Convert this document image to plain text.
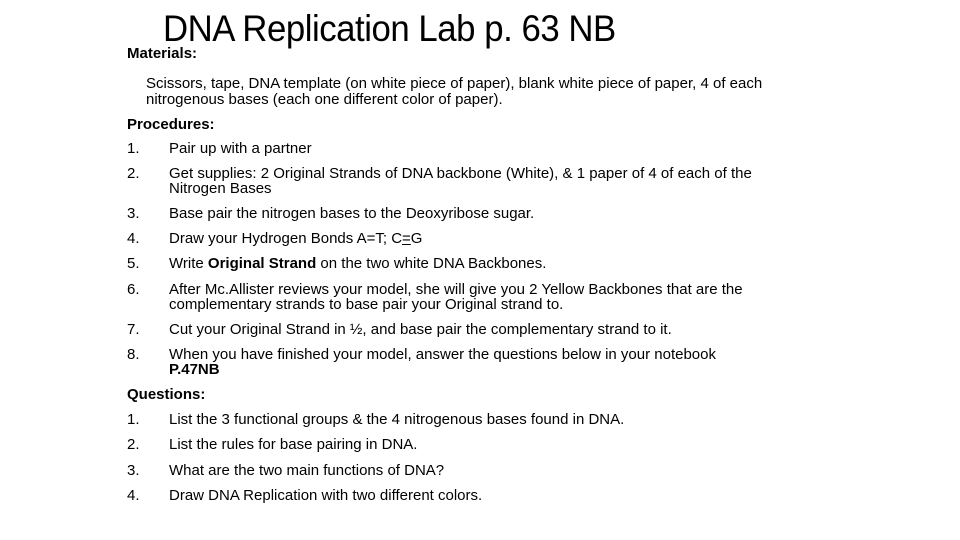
DNA Replication Lab p. 63 NB
Materials:
Scissors, tape, DNA template (on white piece of paper), blank white piece of paper, 4 of each
nitrogenous bases (each one different color of paper).
Procedures:
1. Pair up with a partner
2. Get supplies: 2 Original Strands of DNA backbone (White), & 1 paper of 4 of each of the
Nitrogen Bases
3. Base pair the nitrogen bases to the Deoxyribose sugar.
4. Draw your Hydrogen Bonds A=T; C=G
5. Write Original Strand on the two white DNA Backbones.
6. After Mc.Allister reviews your model, she will give you 2 Yellow Backbones that are the
complementary strands to base pair your Original strand to.
7. Cut your Original Strand in ½, and base pair the complementary strand to it.
8. When you have finished your model, answer the questions below in your notebook
P.47NB
Questions:
1. List the 3 functional groups & the 4 nitrogenous bases found in DNA.
2. List the rules for base pairing in DNA.
3. What are the two main functions of DNA?
4. Draw DNA Replication with two different colors.
